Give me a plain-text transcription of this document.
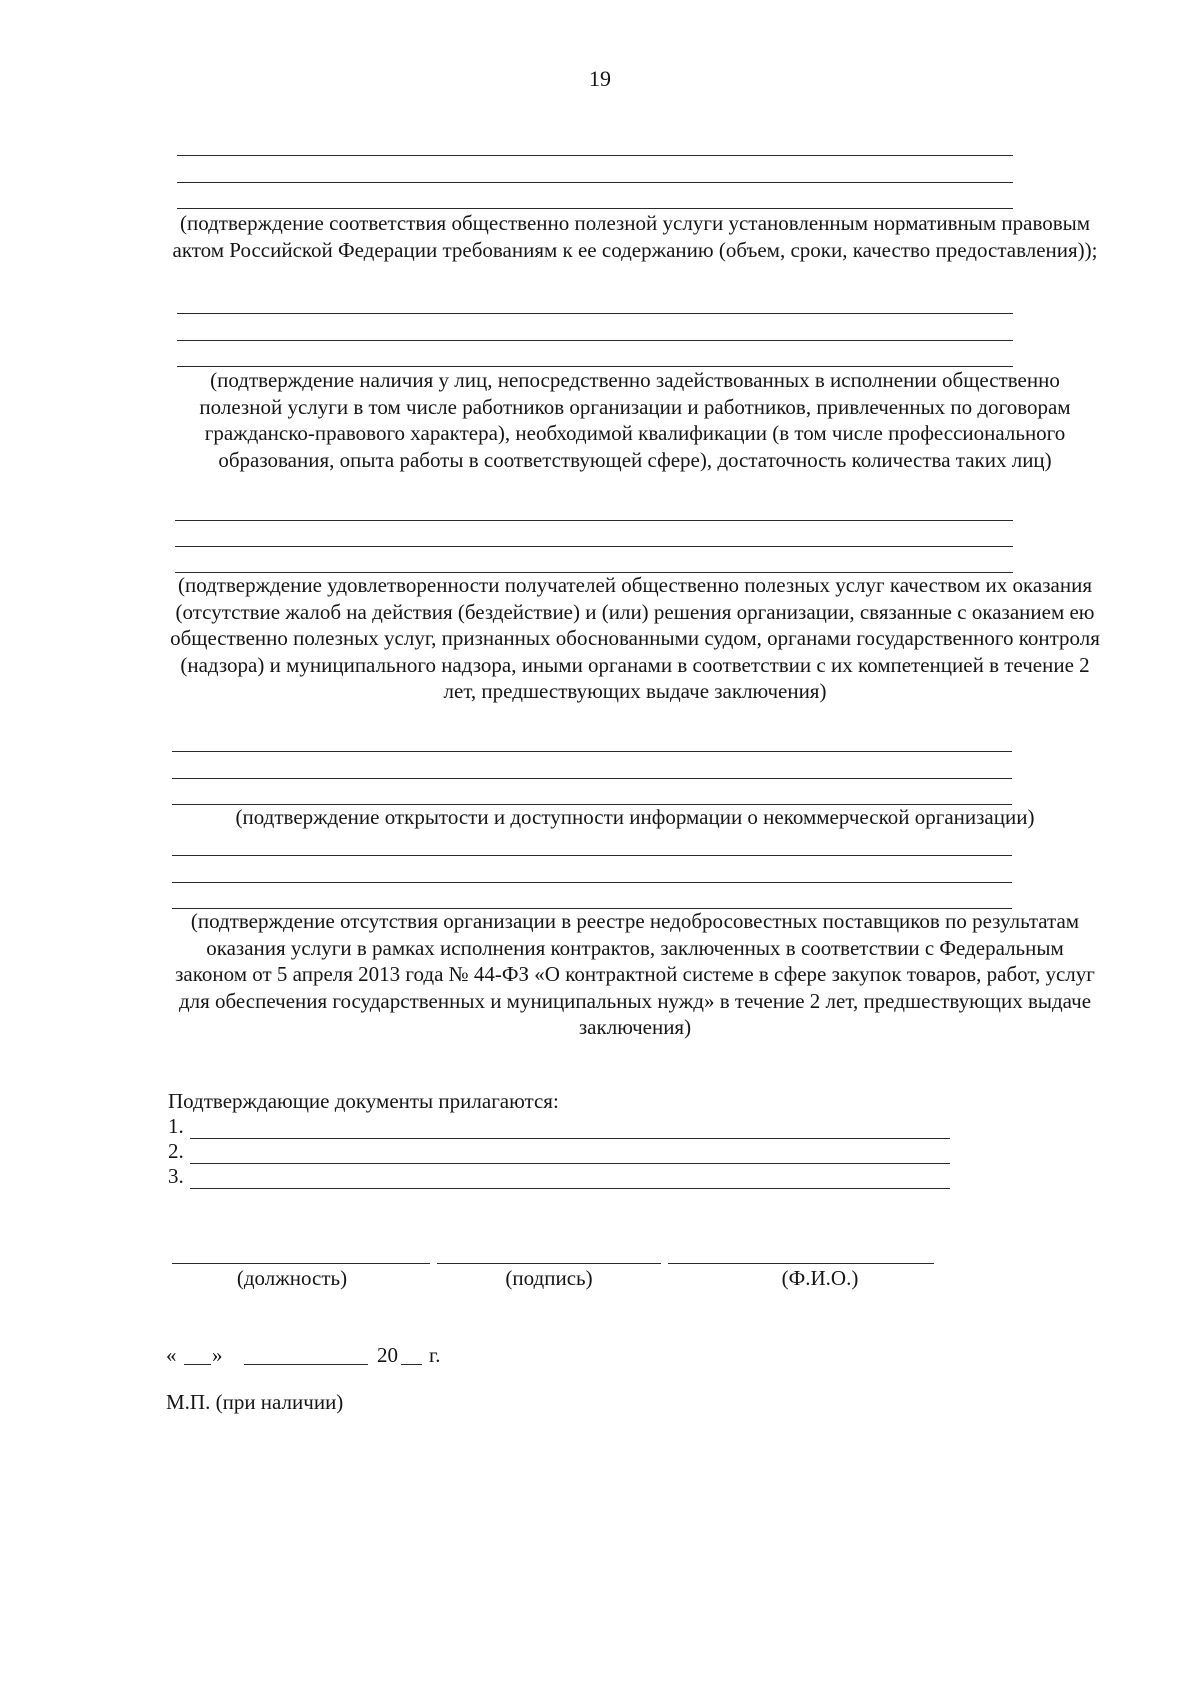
19

(подтверждение соответствия общественно полезной услуги установленным нормативным правовым актом Российской Федерации требованиям к ее содержанию (объем, сроки, качество предоставления));

(подтверждение наличия у лиц, непосредственно задействованных в исполнении общественно полезной услуги в том числе работников организации и работников, привлеченных по договорам гражданско-правового характера), необходимой квалификации (в том числе профессионального образования, опыта работы в соответствующей сфере), достаточность количества таких лиц)

(подтверждение удовлетворенности получателей общественно полезных услуг качеством их оказания (отсутствие жалоб на действия (бездействие) и (или) решения организации, связанные с оказанием ею общественно полезных услуг, признанных обоснованными судом, органами государственного контроля (надзора) и муниципального надзора, иными органами в соответствии с их компетенцией в течение 2 лет, предшествующих выдаче заключения)

(подтверждение открытости и доступности информации о некоммерческой организации)

(подтверждение отсутствия организации в реестре недобросовестных поставщиков по результатам оказания услуги в рамках исполнения контрактов, заключенных в соответствии с Федеральным законом от 5 апреля 2013 года № 44-ФЗ «О контрактной системе в сфере закупок товаров, работ, услуг для обеспечения государственных и муниципальных нужд» в течение 2 лет, предшествующих выдаче заключения)

Подтверждающие документы прилагаются:
1.
2.
3.
(должность)	(подпись)	(Ф.И.О.)
« »	20 г.
М.П. (при наличии)
